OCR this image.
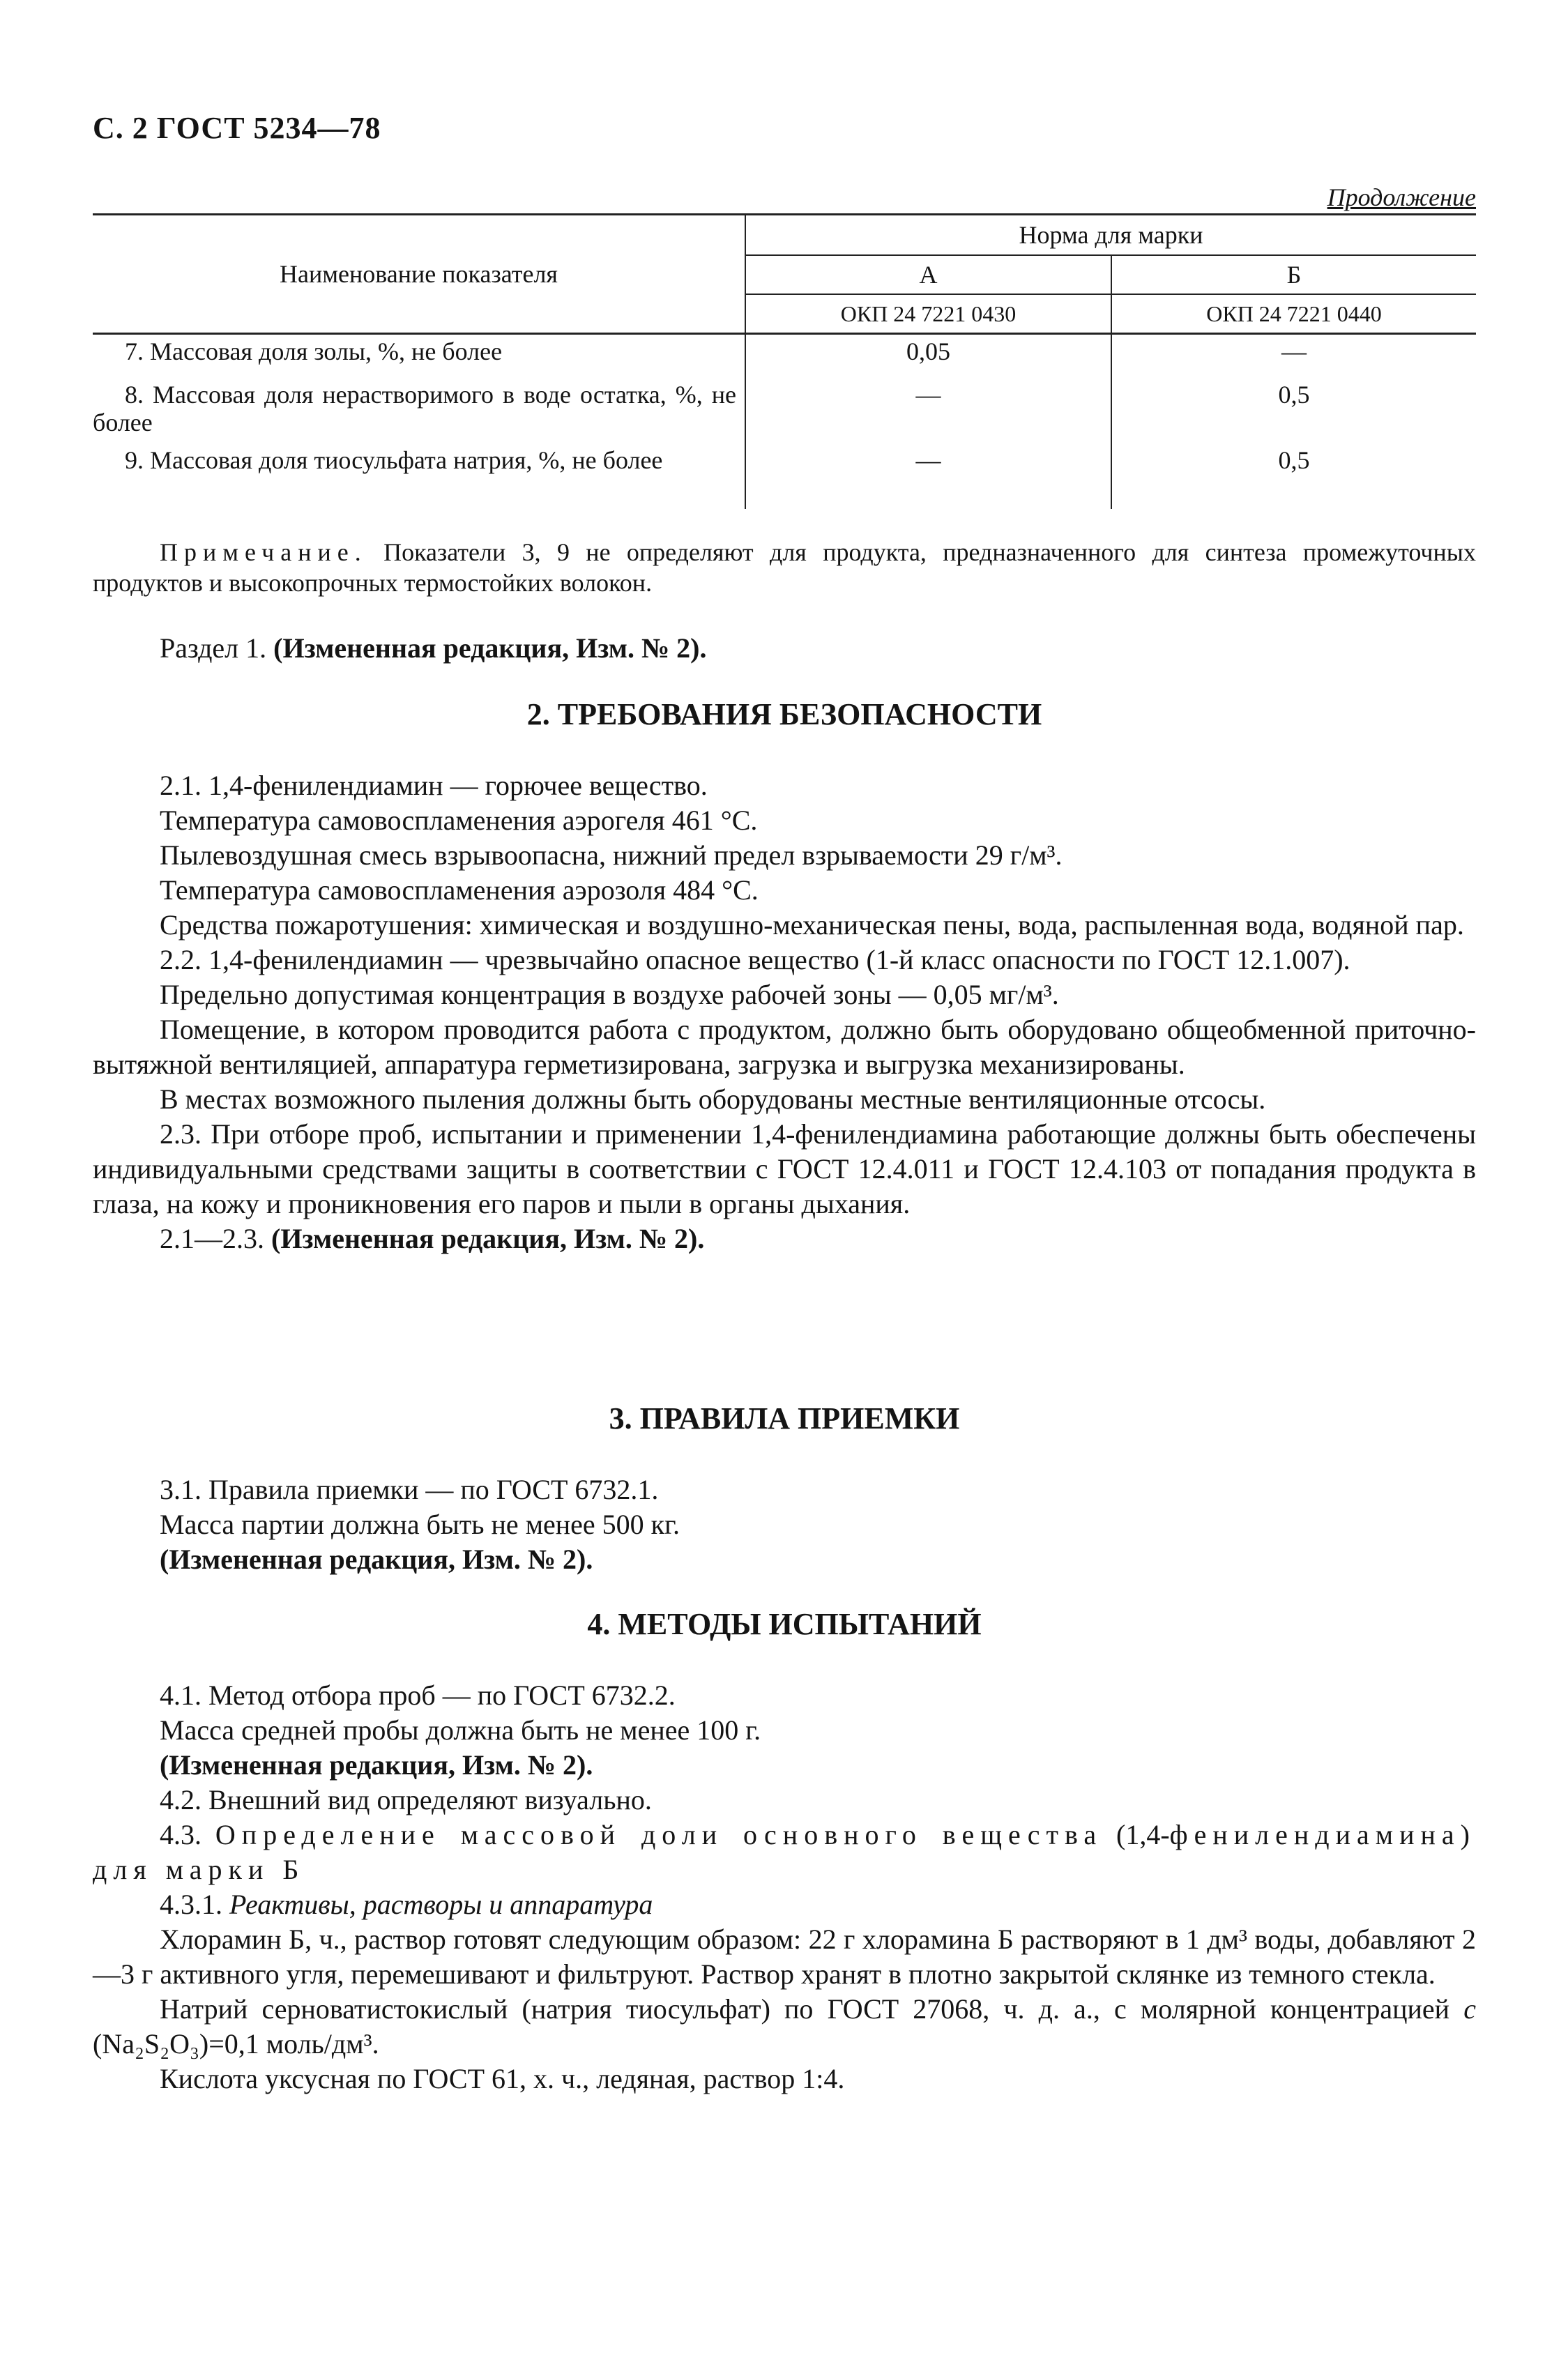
С. 2 ГОСТ 5234—78
Продолжение
Наименование показателя	Норма для марки	
	А	Б
	ОКП 24 7221 0430	ОКП 24 7221 0440
7. Массовая доля золы, %, не более	0,05	—
8. Массовая доля нерастворимого в воде остатка, %, не более	—	0,5
9. Массовая доля тиосульфата натрия, %, не более	—	0,5

Примечание. Показатели 3, 9 не определяют для продукта, предназначенного для синтеза промежуточных продуктов и высокопрочных термостойких волокон.

Раздел 1. (Измененная редакция, Изм. № 2).

2. ТРЕБОВАНИЯ БЕЗОПАСНОСТИ

2.1. 1,4-фенилендиамин — горючее вещество.

Температура самовоспламенения аэрогеля 461 °С.

Пылевоздушная смесь взрывоопасна, нижний предел взрываемости 29 г/м³.

Температура самовоспламенения аэрозоля 484 °С.

Средства пожаротушения: химическая и воздушно-механическая пены, вода, распыленная вода, водяной пар.

2.2. 1,4-фенилендиамин — чрезвычайно опасное вещество (1-й класс опасности по ГОСТ 12.1.007).

Предельно допустимая концентрация в воздухе рабочей зоны — 0,05 мг/м³.

Помещение, в котором проводится работа с продуктом, должно быть оборудовано общеобменной приточно-вытяжной вентиляцией, аппаратура герметизирована, загрузка и выгрузка механизированы.

В местах возможного пыления должны быть оборудованы местные вентиляционные отсосы.

2.3. При отборе проб, испытании и применении 1,4-фенилендиамина работающие должны быть обеспечены индивидуальными средствами защиты в соответствии с ГОСТ 12.4.011 и ГОСТ 12.4.103 от попадания продукта в глаза, на кожу и проникновения его паров и пыли в органы дыхания.

2.1—2.3. (Измененная редакция, Изм. № 2).

3. ПРАВИЛА ПРИЕМКИ

3.1. Правила приемки — по ГОСТ 6732.1.

Масса партии должна быть не менее 500 кг.

(Измененная редакция, Изм. № 2).

4. МЕТОДЫ ИСПЫТАНИЙ

4.1. Метод отбора проб — по ГОСТ 6732.2.

Масса средней пробы должна быть не менее 100 г.

(Измененная редакция, Изм. № 2).

4.2. Внешний вид определяют визуально.

4.3. Определение массовой доли основного вещества (1,4-фенилендиамина) для марки Б

4.3.1. Реактивы, растворы и аппаратура

Хлорамин Б, ч., раствор готовят следующим образом: 22 г хлорамина Б растворяют в 1 дм³ воды, добавляют 2—3 г активного угля, перемешивают и фильтруют. Раствор хранят в плотно закрытой склянке из темного стекла.

Натрий серноватистокислый (натрия тиосульфат) по ГОСТ 27068, ч. д. а., с молярной концентрацией с (Na₂S₂O₃)=0,1 моль/дм³.

Кислота уксусная по ГОСТ 61, х. ч., ледяная, раствор 1:4.
